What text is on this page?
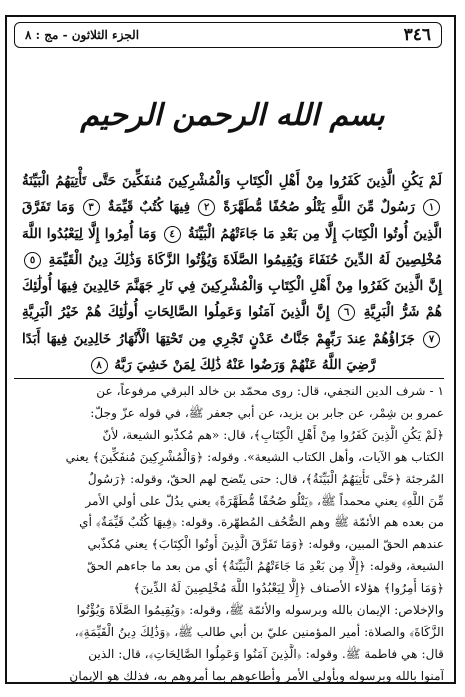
٣٤٦
الجزء الثلاثون - مج : ٨
بسم الله الرحمن الرحيم
لَمْ يَكُنِ الَّذِينَ كَفَرُوا مِنْ أَهْلِ الْكِتَابِ وَالْمُشْرِكِينَ مُنفَكِّينَ حَتَّى تَأْتِيَهُمُ الْبَيِّنَةُ ١ رَسُولٌ مِّنَ اللَّهِ يَتْلُو صُحُفًا مُّطَهَّرَةً ٢ فِيهَا كُتُبٌ قَيِّمَةٌ ٣ وَمَا تَفَرَّقَ الَّذِينَ أُوتُوا الْكِتَابَ إِلَّا مِن بَعْدِ مَا جَاءَتْهُمُ الْبَيِّنَةُ ٤ وَمَا أُمِرُوا إِلَّا لِيَعْبُدُوا اللَّهَ مُخْلِصِينَ لَهُ الدِّينَ حُنَفَاءَ وَيُقِيمُوا الصَّلَاةَ وَيُؤْتُوا الزَّكَاةَ وَذَٰلِكَ دِينُ الْقَيِّمَةِ ٥ إِنَّ الَّذِينَ كَفَرُوا مِنْ أَهْلِ الْكِتَابِ وَالْمُشْرِكِينَ فِي نَارِ جَهَنَّمَ خَالِدِينَ فِيهَا أُولَٰئِكَ هُمْ شَرُّ الْبَرِيَّةِ ٦ إِنَّ الَّذِينَ آمَنُوا وَعَمِلُوا الصَّالِحَاتِ أُولَٰئِكَ هُمْ خَيْرُ الْبَرِيَّةِ ٧ جَزَاؤُهُمْ عِندَ رَبِّهِمْ جَنَّاتُ عَدْنٍ تَجْرِي مِن تَحْتِهَا الْأَنْهَارُ خَالِدِينَ فِيهَا أَبَدًا رَّضِيَ اللَّهُ عَنْهُمْ وَرَضُوا عَنْهُ ذَٰلِكَ لِمَنْ خَشِيَ رَبَّهُ ٨
١ - شرف الدين النجفي، قال: روى محمّد بن خالد البرقي مرفوعاً، عن
عمرو بن شِمْر، عن جابر بن يزيد، عن أبي جعفر ﷺ، في قوله عزّ وجلّ:
﴿لَمْ يَكُنِ الَّذِينَ كَفَرُوا مِنْ أَهْلِ الْكِتَابِ﴾، قال: «هم مُكذّبو الشيعة، لأنّ
الكتاب هو الآيات، وأهل الكتاب الشيعة». وقوله: ﴿وَالْمُشْرِكِينَ مُنفَكِّينَ﴾ يعني
المُرجئة ﴿حَتَّى تَأْتِيَهُمُ الْبَيِّنَةُ﴾، قال: حتى يتّضح لهم الحقّ، وقوله: ﴿رَسُولٌ
مِّنَ اللَّهِ﴾ يعني محمداً ﷺ، ﴿يَتْلُو صُحُفًا مُّطَهَّرَةً﴾ يعني يدُلّ على أولي الأمر
من بعده هم الأئمّة ﷺ وهم الصُّحُف المُطهّرة. وقوله: ﴿فِيهَا كُتُبٌ قَيِّمَةٌ﴾ أي
عندهم الحقّ المبين، وقوله: ﴿وَمَا تَفَرَّقَ الَّذِينَ أُوتُوا الْكِتَابَ﴾ يعني مُكذّبي
الشيعة، وقوله: ﴿إِلَّا مِن بَعْدِ مَا جَاءَتْهُمُ الْبَيِّنَةُ﴾ أي من بعد ما جاءهم الحقّ
﴿وَمَا أُمِرُوا﴾ هؤلاء الأصناف ﴿إِلَّا لِيَعْبُدُوا اللَّهَ مُخْلِصِينَ لَهُ الدِّينَ﴾
والإخلاص: الإيمان بالله وبرسوله والأئمّة ﷺ، وقوله: ﴿وَيُقِيمُوا الصَّلَاةَ وَيُؤْتُوا
الزَّكَاةَ﴾ والصلاة: أمير المؤمنين عليّ بن أبي طالب ﷺ، ﴿وَذَٰلِكَ دِينُ الْقَيِّمَةِ﴾،
قال: هي فاطمة ﷺ. وقوله: ﴿الَّذِينَ آمَنُوا وَعَمِلُوا الصَّالِحَاتِ﴾، قال: الذين
آمنوا بالله وبرسوله وبأولي الأمر وأطاعوهم بما أمروهم به، فذلك هو الإيمان
